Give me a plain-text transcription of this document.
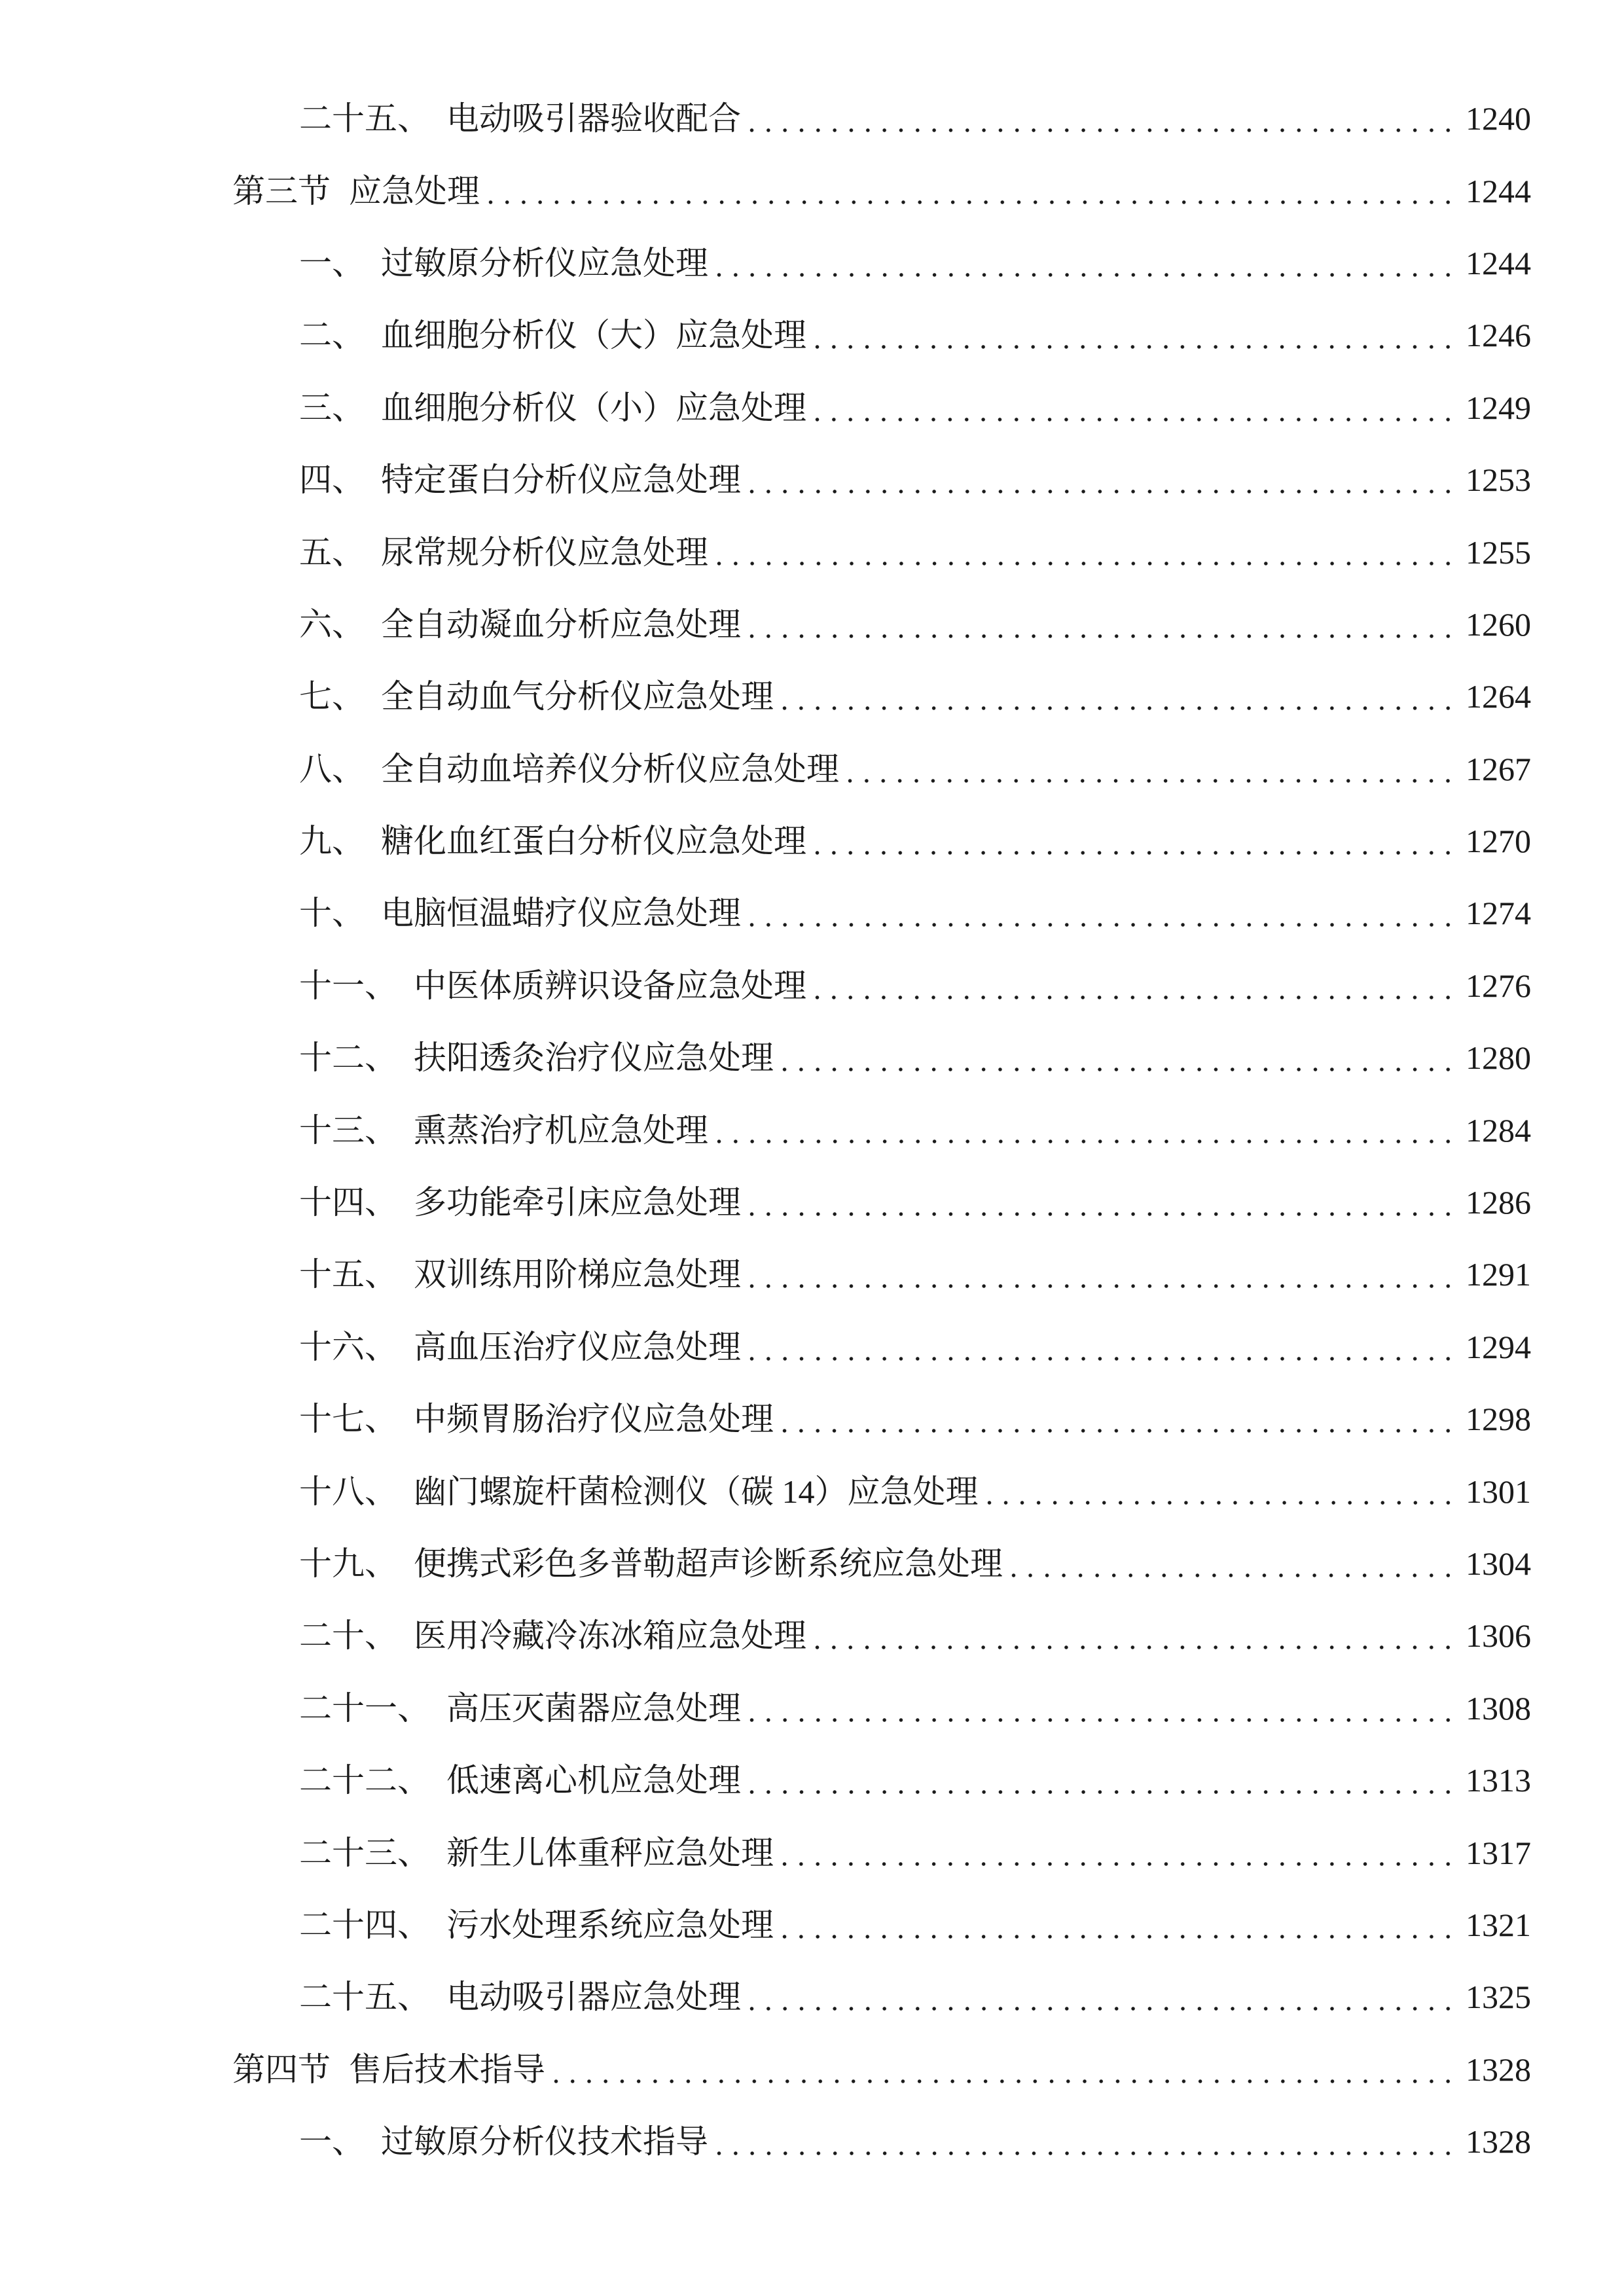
二十五、 电动吸引器验收配合	1240
第三节 应急处理	1244
一、 过敏原分析仪应急处理	1244
二、 血细胞分析仪（大）应急处理	1246
三、 血细胞分析仪（小）应急处理	1249
四、 特定蛋白分析仪应急处理	1253
五、 尿常规分析仪应急处理	1255
六、 全自动凝血分析应急处理	1260
七、 全自动血气分析仪应急处理	1264
八、 全自动血培养仪分析仪应急处理	1267
九、 糖化血红蛋白分析仪应急处理	1270
十、 电脑恒温蜡疗仪应急处理	1274
十一、 中医体质辨识设备应急处理	1276
十二、 扶阳透灸治疗仪应急处理	1280
十三、 熏蒸治疗机应急处理	1284
十四、 多功能牵引床应急处理	1286
十五、 双训练用阶梯应急处理	1291
十六、 高血压治疗仪应急处理	1294
十七、 中频胃肠治疗仪应急处理	1298
十八、 幽门螺旋杆菌检测仪（碳 14）应急处理	1301
十九、 便携式彩色多普勒超声诊断系统应急处理	1304
二十、 医用冷藏冷冻冰箱应急处理	1306
二十一、 高压灭菌器应急处理	1308
二十二、 低速离心机应急处理	1313
二十三、 新生儿体重秤应急处理	1317
二十四、 污水处理系统应急处理	1321
二十五、 电动吸引器应急处理	1325
第四节 售后技术指导	1328
一、 过敏原分析仪技术指导	1328
